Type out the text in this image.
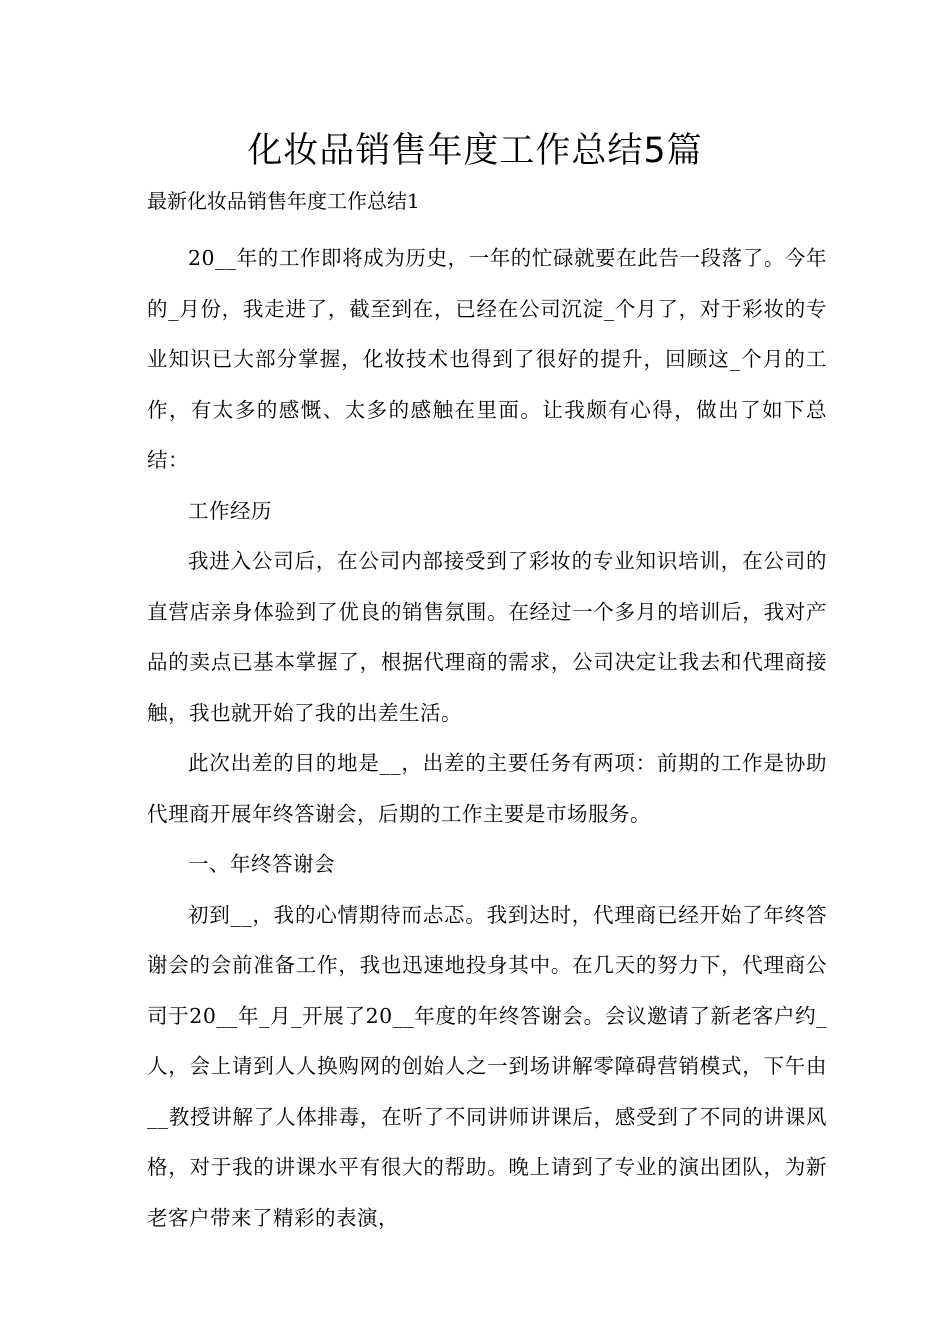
化妆品销售年度工作总结5篇
最新化妆品销售年度工作总结1

20__年的工作即将成为历史，一年的忙碌就要在此告一段落了。今年的_月份，我走进了，截至到在，已经在公司沉淀_个月了，对于彩妆的专业知识已大部分掌握，化妆技术也得到了很好的提升，回顾这_个月的工作，有太多的感慨、太多的感触在里面。让我颇有心得，做出了如下总结：

工作经历

我进入公司后，在公司内部接受到了彩妆的专业知识培训，在公司的直营店亲身体验到了优良的销售氛围。在经过一个多月的培训后，我对产品的卖点已基本掌握了，根据代理商的需求，公司决定让我去和代理商接触，我也就开始了我的出差生活。

此次出差的目的地是__，出差的主要任务有两项：前期的工作是协助代理商开展年终答谢会，后期的工作主要是市场服务。

一、年终答谢会

初到__，我的心情期待而忐忑。我到达时，代理商已经开始了年终答谢会的会前准备工作，我也迅速地投身其中。在几天的努力下，代理商公司于20__年_月_开展了20__年度的年终答谢会。会议邀请了新老客户约_人，会上请到人人换购网的创始人之一到场讲解零障碍营销模式，下午由__教授讲解了人体排毒，在听了不同讲师讲课后，感受到了不同的讲课风格，对于我的讲课水平有很大的帮助。晚上请到了专业的演出团队，为新老客户带来了精彩的表演，
